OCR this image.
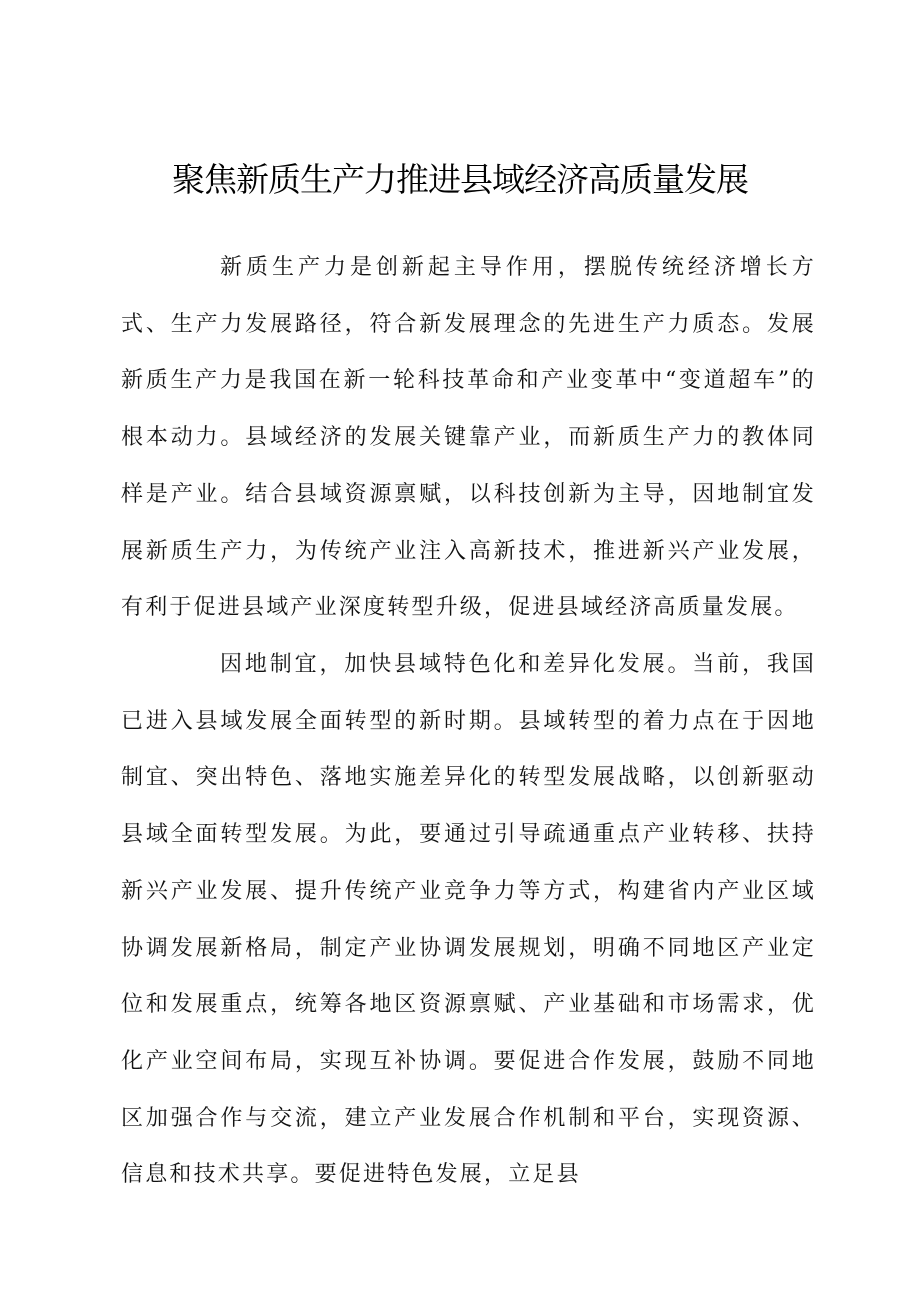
聚焦新质生产力推进县域经济高质量发展

新质生产力是创新起主导作用，摆脱传统经济增长方式、生产力发展路径，符合新发展理念的先进生产力质态。发展新质生产力是我国在新一轮科技革命和产业变革中“变道超车”的根本动力。县域经济的发展关键靠产业，而新质生产力的教体同样是产业。结合县域资源禀赋，以科技创新为主导，因地制宜发展新质生产力，为传统产业注入高新技术，推进新兴产业发展，有利于促进县域产业深度转型升级，促进县域经济高质量发展。

因地制宜，加快县域特色化和差异化发展。当前，我国已进入县域发展全面转型的新时期。县域转型的着力点在于因地制宜、突出特色、落地实施差异化的转型发展战略，以创新驱动县域全面转型发展。为此，要通过引导疏通重点产业转移、扶持新兴产业发展、提升传统产业竞争力等方式，构建省内产业区域协调发展新格局，制定产业协调发展规划，明确不同地区产业定位和发展重点，统筹各地区资源禀赋、产业基础和市场需求，优化产业空间布局，实现互补协调。要促进合作发展，鼓励不同地区加强合作与交流，建立产业发展合作机制和平台，实现资源、信息和技术共享。要促进特色发展，立足县
